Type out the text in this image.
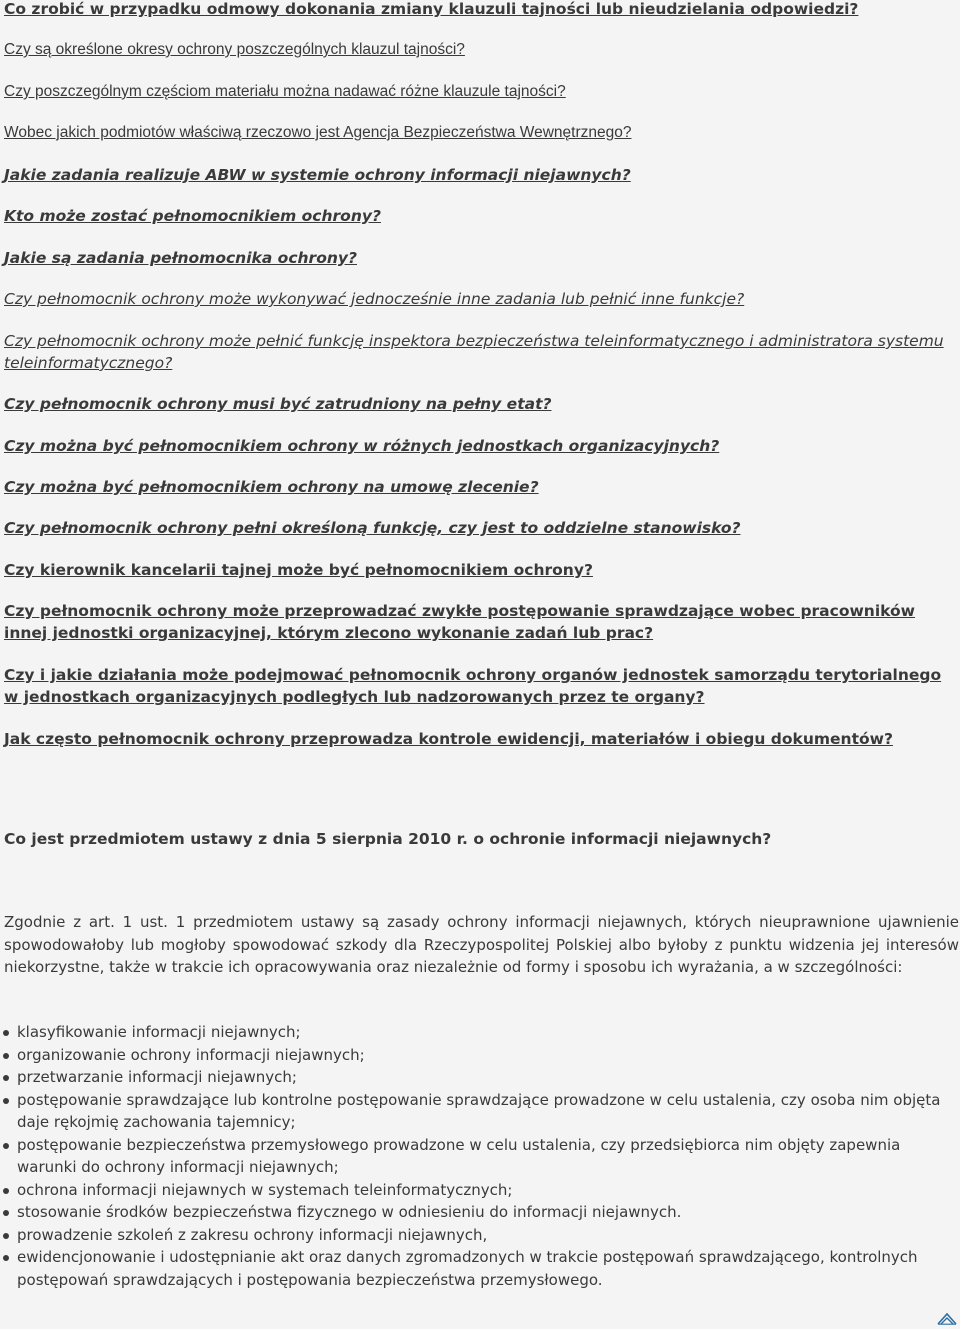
Co zrobić w przypadku odmowy dokonania zmiany klauzuli tajności lub nieudzielania odpowiedzi?
Czy są określone okresy ochrony poszczególnych klauzul tajności?
Czy poszczególnym częściom materiału można nadawać różne klauzule tajności?
Wobec jakich podmiotów właściwą rzeczowo jest Agencja Bezpieczeństwa Wewnętrznego?
Jakie zadania realizuje ABW w systemie ochrony informacji niejawnych?
Kto może zostać pełnomocnikiem ochrony?
Jakie są zadania pełnomocnika ochrony?
Czy pełnomocnik ochrony może wykonywać jednocześnie inne zadania lub pełnić inne funkcje?
Czy pełnomocnik ochrony może pełnić funkcję inspektora bezpieczeństwa teleinformatycznego i administratora systemu teleinformatycznego?
Czy pełnomocnik ochrony musi być zatrudniony na pełny etat?
Czy można być pełnomocnikiem ochrony w różnych jednostkach organizacyjnych?
Czy można być pełnomocnikiem ochrony na umowę zlecenie?
Czy pełnomocnik ochrony pełni określoną funkcję, czy jest to oddzielne stanowisko?
Czy kierownik kancelarii tajnej może być pełnomocnikiem ochrony?
Czy pełnomocnik ochrony może przeprowadzać zwykłe postępowanie sprawdzające wobec pracowników innej jednostki organizacyjnej, którym zlecono wykonanie zadań lub prac?
Czy i jakie działania może podejmować pełnomocnik ochrony organów jednostek samorządu terytorialnego w jednostkach organizacyjnych podległych lub nadzorowanych przez te organy?
Jak często pełnomocnik ochrony przeprowadza kontrole ewidencji, materiałów i obiegu dokumentów?
Co jest przedmiotem ustawy z dnia 5 sierpnia 2010 r. o ochronie informacji niejawnych?

Zgodnie z art. 1 ust. 1 przedmiotem ustawy są zasady ochrony informacji niejawnych, których nieuprawnione ujawnienie spowodowałoby lub mogłoby spowodować szkody dla Rzeczypospolitej Polskiej albo byłoby z punktu widzenia jej interesów niekorzystne, także w trakcie ich opracowywania oraz niezależnie od formy i sposobu ich wyrażania, a w szczególności:

klasyfikowanie informacji niejawnych;
organizowanie ochrony informacji niejawnych;
przetwarzanie informacji niejawnych;
postępowanie sprawdzające lub kontrolne postępowanie sprawdzające prowadzone w celu ustalenia, czy osoba nim objęta daje rękojmię zachowania tajemnicy;
postępowanie bezpieczeństwa przemysłowego prowadzone w celu ustalenia, czy przedsiębiorca nim objęty zapewnia warunki do ochrony informacji niejawnych;
ochrona informacji niejawnych w systemach teleinformatycznych;
stosowanie środków bezpieczeństwa fizycznego w odniesieniu do informacji niejawnych.
prowadzenie szkoleń z zakresu ochrony informacji niejawnych,
ewidencjonowanie i udostępnianie akt oraz danych zgromadzonych w trakcie postępowań sprawdzającego, kontrolnych postępowań sprawdzających i postępowania bezpieczeństwa przemysłowego.
